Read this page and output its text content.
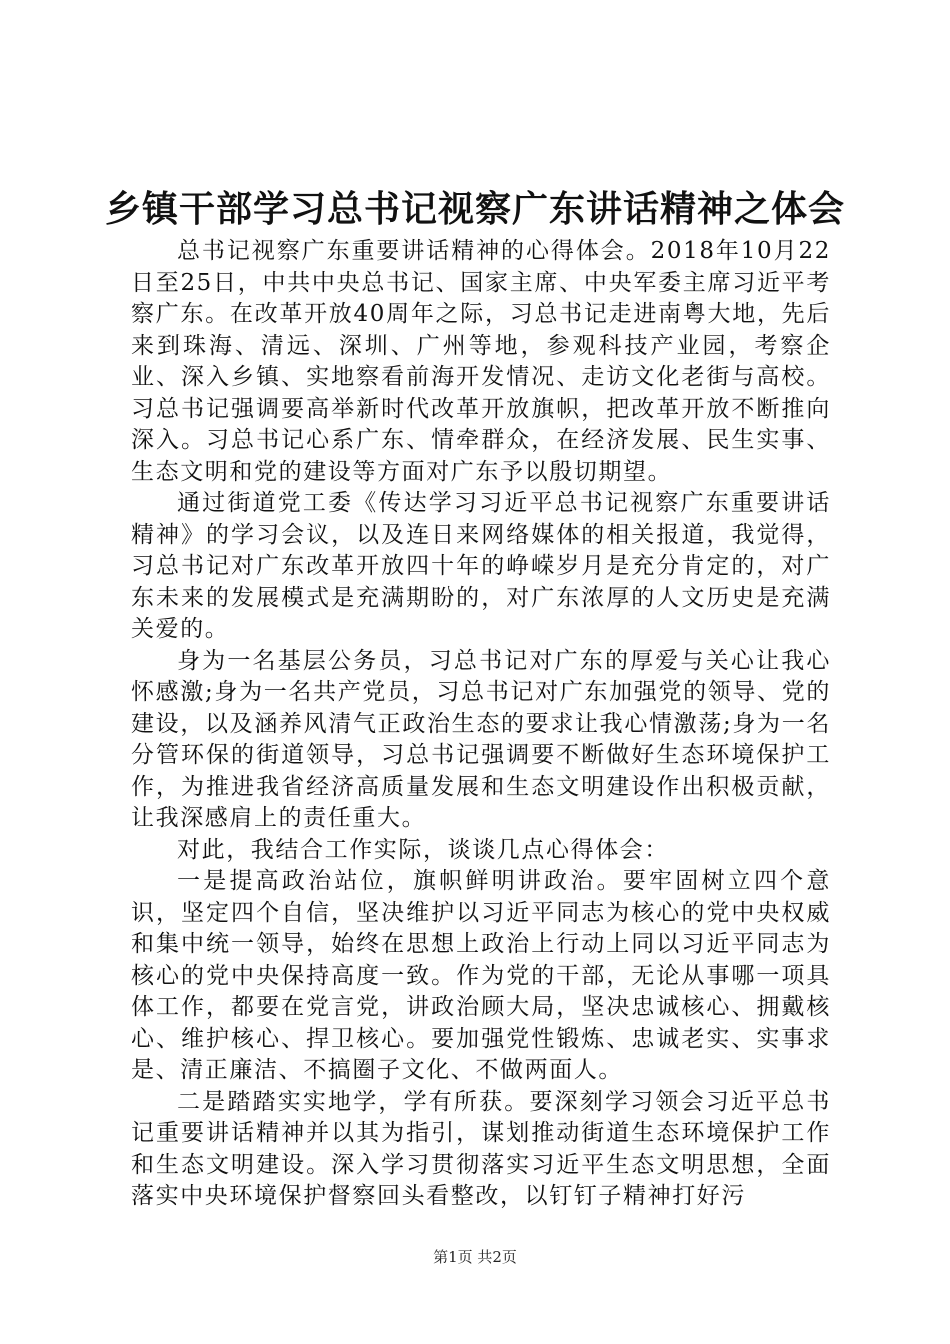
乡镇干部学习总书记视察广东讲话精神之体会

总书记视察广东重要讲话精神的心得体会。2018年10月22日至25日，中共中央总书记、国家主席、中央军委主席习近平考察广东。在改革开放40周年之际，习总书记走进南粤大地，先后来到珠海、清远、深圳、广州等地，参观科技产业园，考察企业、深入乡镇、实地察看前海开发情况、走访文化老街与高校。习总书记强调要高举新时代改革开放旗帜，把改革开放不断推向深入。习总书记心系广东、情牵群众，在经济发展、民生实事、生态文明和党的建设等方面对广东予以殷切期望。

通过街道党工委《传达学习习近平总书记视察广东重要讲话精神》的学习会议，以及连日来网络媒体的相关报道，我觉得，习总书记对广东改革开放四十年的峥嵘岁月是充分肯定的，对广东未来的发展模式是充满期盼的，对广东浓厚的人文历史是充满关爱的。

身为一名基层公务员，习总书记对广东的厚爱与关心让我心怀感激;身为一名共产党员，习总书记对广东加强党的领导、党的建设，以及涵养风清气正政治生态的要求让我心情激荡;身为一名分管环保的街道领导，习总书记强调要不断做好生态环境保护工作，为推进我省经济高质量发展和生态文明建设作出积极贡献，让我深感肩上的责任重大。

对此，我结合工作实际，谈谈几点心得体会：

一是提高政治站位，旗帜鲜明讲政治。要牢固树立四个意识，坚定四个自信，坚决维护以习近平同志为核心的党中央权威和集中统一领导，始终在思想上政治上行动上同以习近平同志为核心的党中央保持高度一致。作为党的干部，无论从事哪一项具体工作，都要在党言党，讲政治顾大局，坚决忠诚核心、拥戴核心、维护核心、捍卫核心。要加强党性锻炼、忠诚老实、实事求是、清正廉洁、不搞圈子文化、不做两面人。

二是踏踏实实地学，学有所获。要深刻学习领会习近平总书记重要讲话精神并以其为指引，谋划推动街道生态环境保护工作和生态文明建设。深入学习贯彻落实习近平生态文明思想，全面落实中央环境保护督察回头看整改，以钉钉子精神打好污

第1页 共2页
